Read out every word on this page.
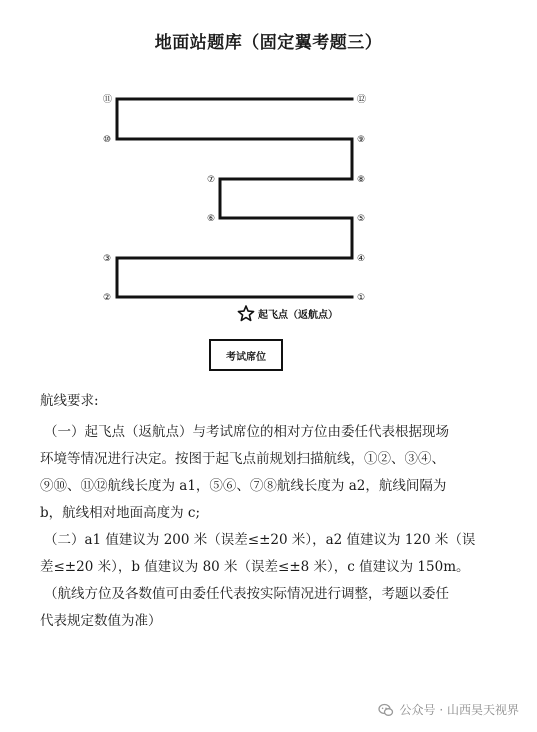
地面站题库（固定翼考题三）
①
②
③	④
⑤
⑥
⑦	⑧
⑨
⑩
⑪	⑫
起飞点（返航点）
考试席位

航线要求:

（一）起飞点（返航点）与考试席位的相对方位由委任代表根据现场

环境等情况进行决定。按图于起飞点前规划扫描航线，①②、③④、

⑨⑩、⑪⑫航线长度为 a1，⑤⑥、⑦⑧航线长度为 a2，航线间隔为

b，航线相对地面高度为 c;

（二）a1 值建议为 200 米（误差≤±20 米），a2 值建议为 120 米（误

差≤±20 米），b 值建议为 80 米（误差≤±8 米），c 值建议为 150m。

（航线方位及各数值可由委任代表按实际情况进行调整，考题以委任

代表规定数值为准）

公众号 · 山西昊天视界
